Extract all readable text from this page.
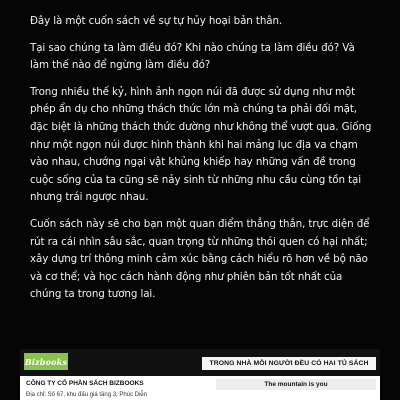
Đây là một cuốn sách về sự tự hủy hoại bản thân.

Tại sao chúng ta làm điều đó? Khi nào chúng ta làm điều đó? Và làm thế nào để ngừng làm điều đó?

Trong nhiều thế kỷ, hình ảnh ngọn núi đã được sử dụng như một phép ẩn dụ cho những thách thức lớn mà chúng ta phải đối mặt, đặc biệt là những thách thức dường như không thể vượt qua. Giống như một ngọn núi được hình thành khi hai mảng lục địa va chạm vào nhau, chướng ngại vật khủng khiếp hay những vấn đề trong cuộc sống của ta cũng sẽ nảy sinh từ những nhu cầu cùng tồn tại nhưng trái ngược nhau.

Cuốn sách này sẽ cho bạn một quan điểm thẳng thắn, trực diện để rút ra cái nhìn sâu sắc, quan trọng từ những thói quen có hại nhất; xây dựng trí thông minh cảm xúc bằng cách hiểu rõ hơn về bộ não và cơ thể; và học cách hành động như phiên bản tốt nhất của chúng ta trong tương lai.

Bizbooks	TRONG NHÀ MỖI NGƯỜI ĐỀU CÓ HAI TỦ SÁCH
CÔNG TY CỔ PHẦN SÁCH BIZBOOKS
Địa chỉ: Số 67, khu đấu giá tầng 3, Phúc Diễn
The mountain is you
